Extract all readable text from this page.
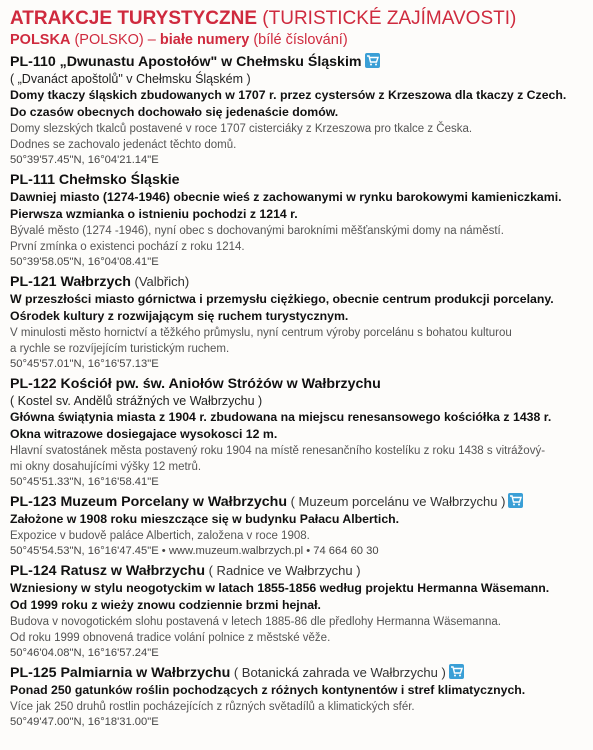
ATRAKCJE TURYSTYCZNE (TURISTICKÉ ZAJÍMAVOSTI)
POLSKA (POLSKO) – białe numery (bílé číslování)
PL-110 „Dwunastu Apostołów" w Chełmsku Śląskim
( „Dvanáct apoštolů" v Chełmsku Śląském )
Domy tkaczy śląskich zbudowanych w 1707 r. przez cystersów z Krzeszowa dla tkaczy z Czech.
Do czasów obecnych dochowało się jedenaście domów.
Domy slezských tkalců postavené v roce 1707 cisterciáky z Krzeszowa pro tkalce z Česka.
Dodnes se zachovalo jedenáct těchto domů.
50°39'57.45"N, 16°04'21.14"E
PL-111 Chełmsko Śląskie
Dawniej miasto (1274-1946) obecnie wieś z zachowanymi w rynku barokowymi kamieniczkami.
Pierwsza wzmianka o istnieniu pochodzi z 1214 r.
Bývalé město (1274 -1946), nyní obec s dochovanými barokními měšťanskými domy na náměstí.
První zmínka o existenci pochází z roku 1214.
50°39'58.05"N, 16°04'08.41"E
PL-121 Wałbrzych (Valbřich)
W przeszłości miasto górnictwa i przemysłu ciężkiego, obecnie centrum produkcji porcelany.
Ośrodek kultury z rozwijającym się ruchem turystycznym.
V minulosti město hornictví a těžkého průmyslu, nyní centrum výroby porcelánu s bohatou kulturou
a rychle se rozvíjejícím turistickým ruchem.
50°45'57.01"N, 16°16'57.13"E
PL-122 Kościół pw. św. Aniołów Stróżów w Wałbrzychu
( Kostel sv. Andělů strážných ve Wałbrzychu )
Główna świątynia miasta z 1904 r. zbudowana na miejscu renesansowego kościółka z 1438 r.
Okna witrazowe dosiegajace wysokosci 12 m.
Hlavní svatostánek města postavený roku 1904 na místě renesančního kostelíku z roku 1438 s vitrážový-
mi okny dosahujícími výšky 12 metrů.
50°45'51.33"N, 16°16'58.41"E
PL-123 Muzeum Porcelany w Wałbrzychu ( Muzeum porcelánu ve Wałbrzychu )
Założone w 1908 roku mieszczące się w budynku Pałacu Albertich.
Expozice v budově paláce Albertich, založena v roce 1908.
50°45'54.53"N, 16°16'47.45"E • www.muzeum.walbrzych.pl • 74 664 60 30
PL-124 Ratusz w Wałbrzychu ( Radnice ve Wałbrzychu )
Wzniesiony w stylu neogotyckim w latach 1855-1856 według projektu Hermanna Wäsemann.
Od 1999 roku z wieży znowu codziennie brzmi hejnał.
Budova v novogotickém slohu postavená v letech 1885-86 dle předlohy Hermanna Wäsemanna.
Od roku 1999 obnovená tradice volání polnice z městské věže.
50°46'04.08"N, 16°16'57.24"E
PL-125 Palmiarnia w Wałbrzychu ( Botanická zahrada ve Wałbrzychu )
Ponad 250 gatunków roślin pochodzących z różnych kontynentów i stref klimatycznych.
Více jak 250 druhů rostlin pocházejících z různých světadílů a klimatických sfér.
50°49'47.00"N, 16°18'31.00"E
